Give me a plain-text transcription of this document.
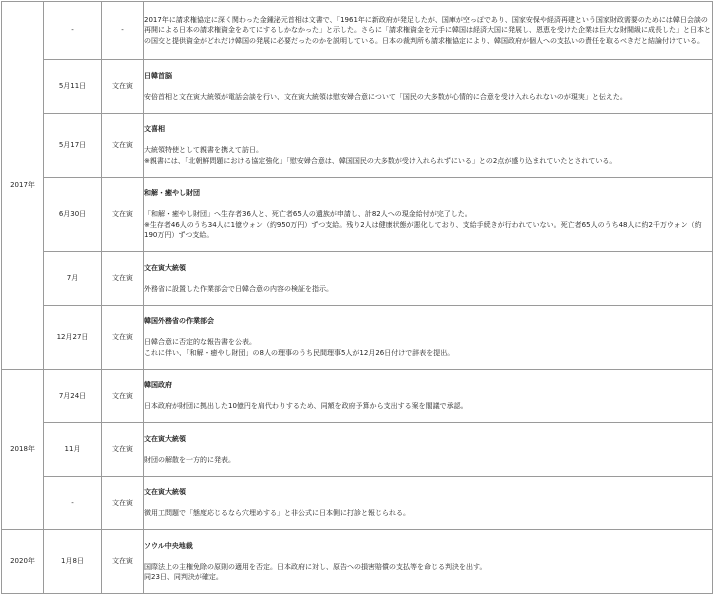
2017年	-	-	2017年に請求権協定に深く関わった金鍾泌元首相は文書で、「1961年に新政府が発足したが、国庫が空っぽであり、国家安保や経済再建という国家財政需要のためには韓日会談の再開による日本の請求権資金をあてにするしかなかった」と示した。さらに「請求権資金を元手に韓国は経済大国に発展し、恩恵を受けた企業は巨大な財閥級に成長した」と日本との国交と提供資金がどれだけ韓国の発展に必要だったのかを説明している。日本の裁判所も請求権協定により、韓国政府が個人への支払いの責任を取るべきだと結論付けている。

	5月11日	文在寅	日韓首脳

安倍首相と文在寅大統領が電話会談を行い、文在寅大統領は慰安婦合意について「国民の大多数が心情的に合意を受け入れられないのが現実」と伝えた。

	5月17日	文在寅	文喜相

大統領特使として親書を携えて訪日。
※親書には、「北朝鮮問題における協定強化」「慰安婦合意は、韓国国民の大多数が受け入れられずにいる」との2点が盛り込まれていたとされている。

	6月30日	文在寅	和解・癒やし財団

「和解・癒やし財団」へ生存者36人と、死亡者65人の遺族が申請し、計82人への現金給付が完了した。
※生存者46人のうち34人に1億ウォン（約950万円）ずつ支給。残り2人は健康状態が悪化しており、支給手続きが行われていない。死亡者65人のうち48人に約2千万ウォン（約190万円）ずつ支給。

	7月	文在寅	文在寅大統領

外務省に設置した作業部会で日韓合意の内容の検証を指示。

	12月27日	文在寅	韓国外務省の作業部会

日韓合意に否定的な報告書を公表。
これに伴い、「和解・癒やし財団」の8人の理事のうち民間理事5人が12月26日付けで辞表を提出。

2018年	7月24日	文在寅	韓国政府

日本政府が財団に拠出した10億円を肩代わりするため、同額を政府予算から支出する案を閣議で承認。

	11月	文在寅	文在寅大統領

財団の解散を一方的に発表。

	-	文在寅	文在寅大統領

徴用工問題で「態度応じるなら穴埋めする」と非公式に日本側に打診と報じられる。

2020年	1月8日	文在寅	ソウル中央地裁

国際法上の主権免除の原則の適用を否定。日本政府に対し、原告への損害賠償の支払等を命じる判決を出す。
同23日、同判決が確定。
